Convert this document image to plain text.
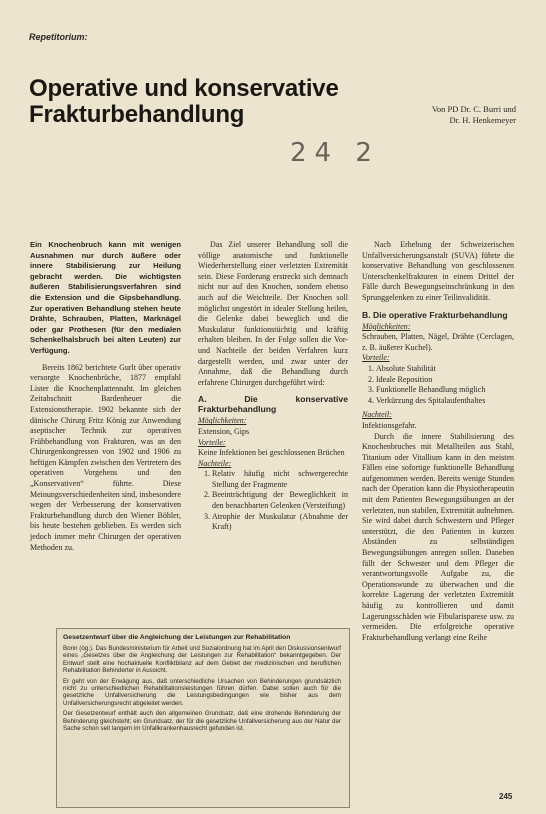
Repetitorium:
Operative und konservative
Frakturbehandlung	Von PD Dr. C. Burri und
Dr. H. Henkemeyer
24 2

Ein Knochenbruch kann mit wenigen Ausnahmen nur durch äußere oder innere Stabilisierung zur Heilung gebracht werden. Die wichtigsten äußeren Stabilisierungsverfahren sind die Extension und die Gipsbehandlung. Zur operativen Behandlung stehen heute Drähte, Schrauben, Platten, Marknägel oder gar Prothesen (für den medialen Schenkelhalsbruch bei alten Leuten) zur Verfügung.

Bereits 1862 berichtete Gurlt über operativ versorgte Knochenbrüche, 1877 empfahl Lister die Knochenplattennaht. Im gleichen Zeitabschnitt Bardenheuer die Extensionstherapie. 1902 bekannte sich der dänische Chirurg Fritz König zur Anwendung aseptischer Technik zur operativen Frühbehandlung von Frakturen, was an den Chirurgenkongressen von 1902 und 1906 zu heftigen Kämpfen zwischen den Vertretern des operativen Vorgehens und den „Konservativen“ führte. Diese Meinungsverschiedenheiten sind, insbesondere wegen der Verbesserung der konservativen Frakturbehandlung durch den Wiener Böhler, bis heute bestehen geblieben. Es werden sich jedoch immer mehr Chirurgen der operativen Methoden zu.

Das Ziel unserer Behandlung soll die völlige anatomische und funktionelle Wiederherstellung einer verletzten Extremität sein. Diese Forderung erstreckt sich demnach nicht nur auf den Knochen, sondern ebenso auch auf die Weichteile. Der Knochen soll möglichst ungestört in idealer Stellung heilen, die Gelenke dabei beweglich und die Muskulatur funktionstüchtig und kräftig erhalten bleiben. In der Folge sollen die Vor- und Nachteile der beiden Verfahren kurz dargestellt werden, und zwar unter der Annahme, daß die Behandlung durch erfahrene Chirurgen durchgeführt wird:

A. Die konservative Frakturbehandlung
Möglichkeiten:
Extension, Gips
Vorteile:
Keine Infektionen bei geschlossenen Brüchen
Nachteile:
1. Relativ häufig nicht schwergerechte Stellung der Fragmente
2. Beeinträchtigung der Beweglichkeit in den benachbarten Gelenken (Versteifung)
3. Atrophie der Muskulatur (Abnahme der Kraft)

Nach Erhebung der Schweizerischen Unfallversicherungsanstalt (SUVA) führte die konservative Behandlung von geschlossenen Unterschenkelfrakturen in einem Drittel der Fälle durch Bewegungseinschränkung in den Sprunggelenken zu einer Teilinvalidität.

B. Die operative Frakturbehandlung
Möglichkeiten:
Schrauben, Platten, Nägel, Drähte (Cerclagen, z. B. äußerer Kuchel).
Vorteile:
1. Absolute Stabilität
2. Ideale Reposition
3. Funktionelle Behandlung möglich
4. Verkürzung des Spitalaufenthaltes
Nachteil:
Infektionsgefahr.

Durch die innere Stabilisierung des Knochenbruches mit Metallteilen aus Stahl, Titanium oder Vitallium kann in den meisten Fällen eine sofortige funktionelle Behandlung aufgenommen werden. Bereits wenige Stunden nach der Operation kann die Physiotherapeutin mit dem Patienten Bewegungsübungen an der verletzten, nun stabilen, Extremität aufnehmen. Sie wird dabei durch Schwestern und Pfleger unterstützt, die den Patienten in kurzen Abständen zu selbständigen Bewegungsübungen anregen sollen. Daneben fällt der Schwester und dem Pfleger die verantwortungsvolle Aufgabe zu, die Operationswunde zu überwachen und die korrekte Lagerung der verletzten Extremität häufig zu kontrollieren und damit Lagerungsschäden wie Fibularisparese usw. zu vermeiden. Die erfolgreiche operative Frakturbehandlung verlangt eine Reihe

Gesetzentwurf über die Angleichung der Leistungen zur Rehabilitation

Bonn (ög.). Das Bundesministerium für Arbeit und Sozialordnung hat im April den Diskussionsentwurf eines „Gesetzes über die Angleichung der Leistungen zur Rehabilitation“ bekanntgegeben. Der Entwurf stellt eine hochaktuelle Konfliktbilanz auf dem Gebiet der medizinischen und beruflichen Rehabilitation Behinderter in Aussicht.

Er geht von der Erwägung aus, daß unterschiedliche Ursachen von Behinderungen grundsätzlich nicht zu unterschiedlichen Rehabilitationsleistungen führen dürfen. Dabei sollen auch für die gesetzliche Unfallversicherung die Leistungsbedingungen wie bisher aus dem Unfallversicherungsrecht abgeleitet werden.

Der Gesetzentwurf enthält auch den allgemeinen Grundsatz, daß eine drohende Behinderung der Behinderung gleichsteht; ein Grundsatz, der für die gesetzliche Unfallversicherung aus der Natur der Sache schon seit langem im Unfallkrankenhausrecht gefunden ist.

245
